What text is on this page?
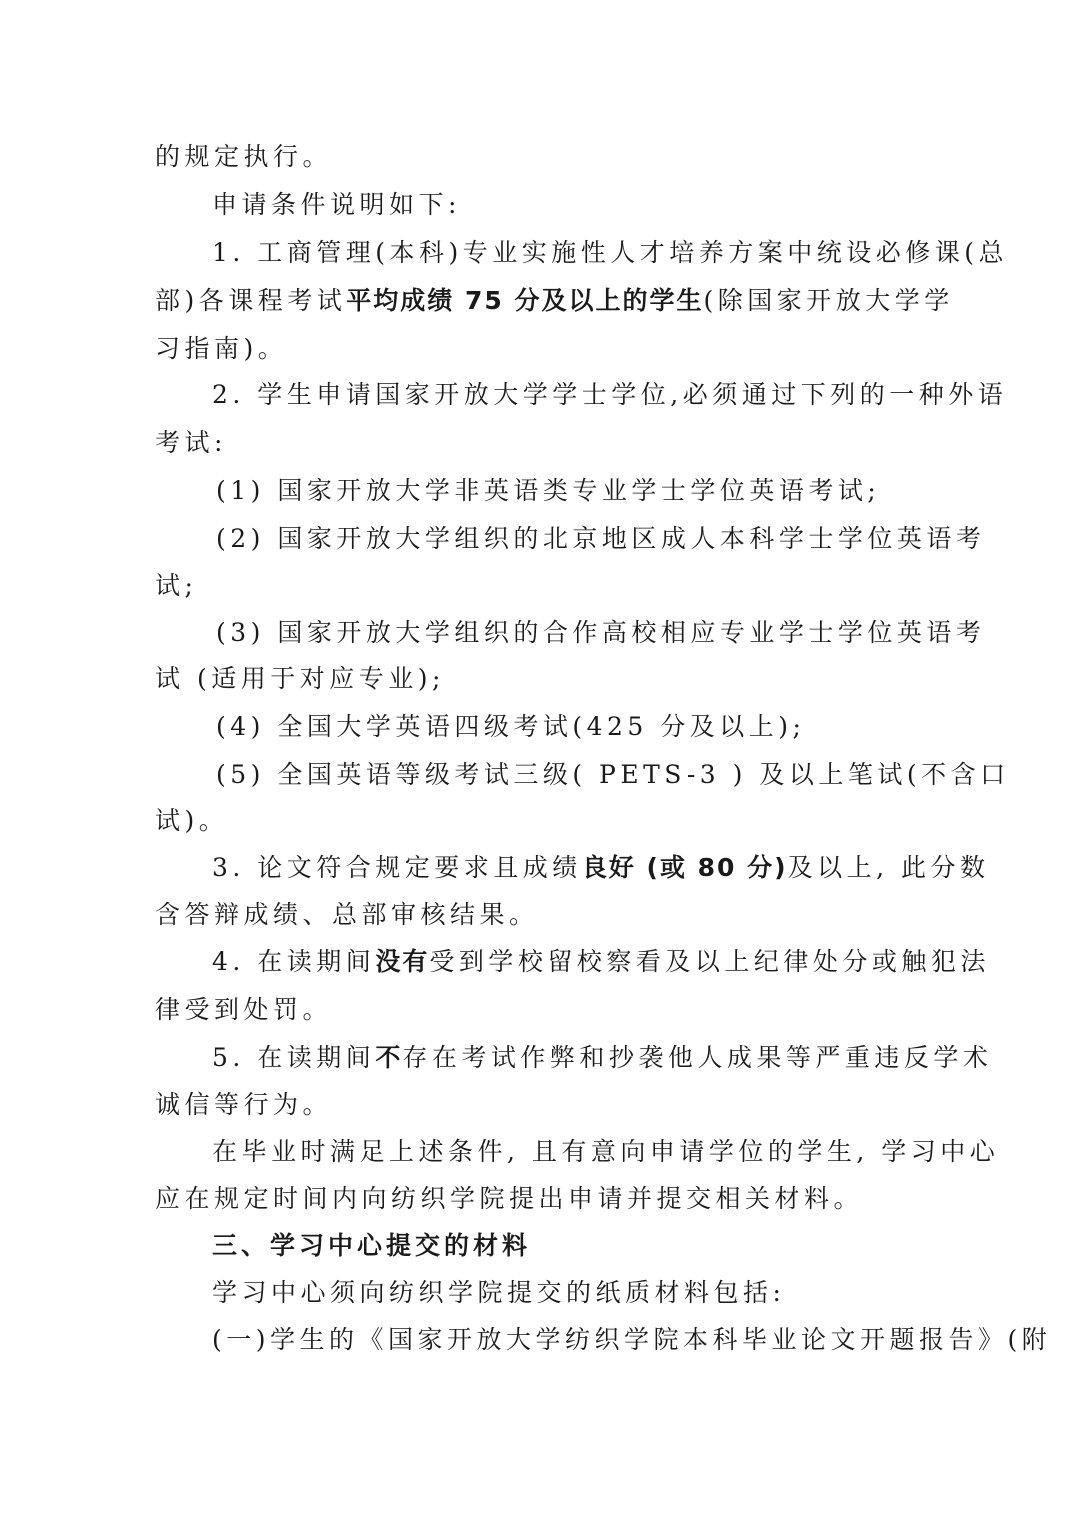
的规定执行。
申请条件说明如下:
1. 工商管理(本科)专业实施性人才培养方案中统设必修课(总
部)各课程考试平均成绩 75 分及以上的学生(除国家开放大学学
习指南)。
2. 学生申请国家开放大学学士学位,必须通过下列的一种外语
考试:
(1) 国家开放大学非英语类专业学士学位英语考试;
(2) 国家开放大学组织的北京地区成人本科学士学位英语考
试;
(3) 国家开放大学组织的合作高校相应专业学士学位英语考
试 (适用于对应专业);
(4) 全国大学英语四级考试(425 分及以上);
(5) 全国英语等级考试三级( PETS-3 ) 及以上笔试(不含口
试)。
3. 论文符合规定要求且成绩良好 (或 80 分)及以上, 此分数
含答辩成绩、总部审核结果。
4. 在读期间没有受到学校留校察看及以上纪律处分或触犯法
律受到处罚。
5. 在读期间不存在考试作弊和抄袭他人成果等严重违反学术
诚信等行为。
在毕业时满足上述条件, 且有意向申请学位的学生, 学习中心
应在规定时间内向纺织学院提出申请并提交相关材料。
三、学习中心提交的材料
学习中心须向纺织学院提交的纸质材料包括:
(一)学生的《国家开放大学纺织学院本科毕业论文开题报告》(附
